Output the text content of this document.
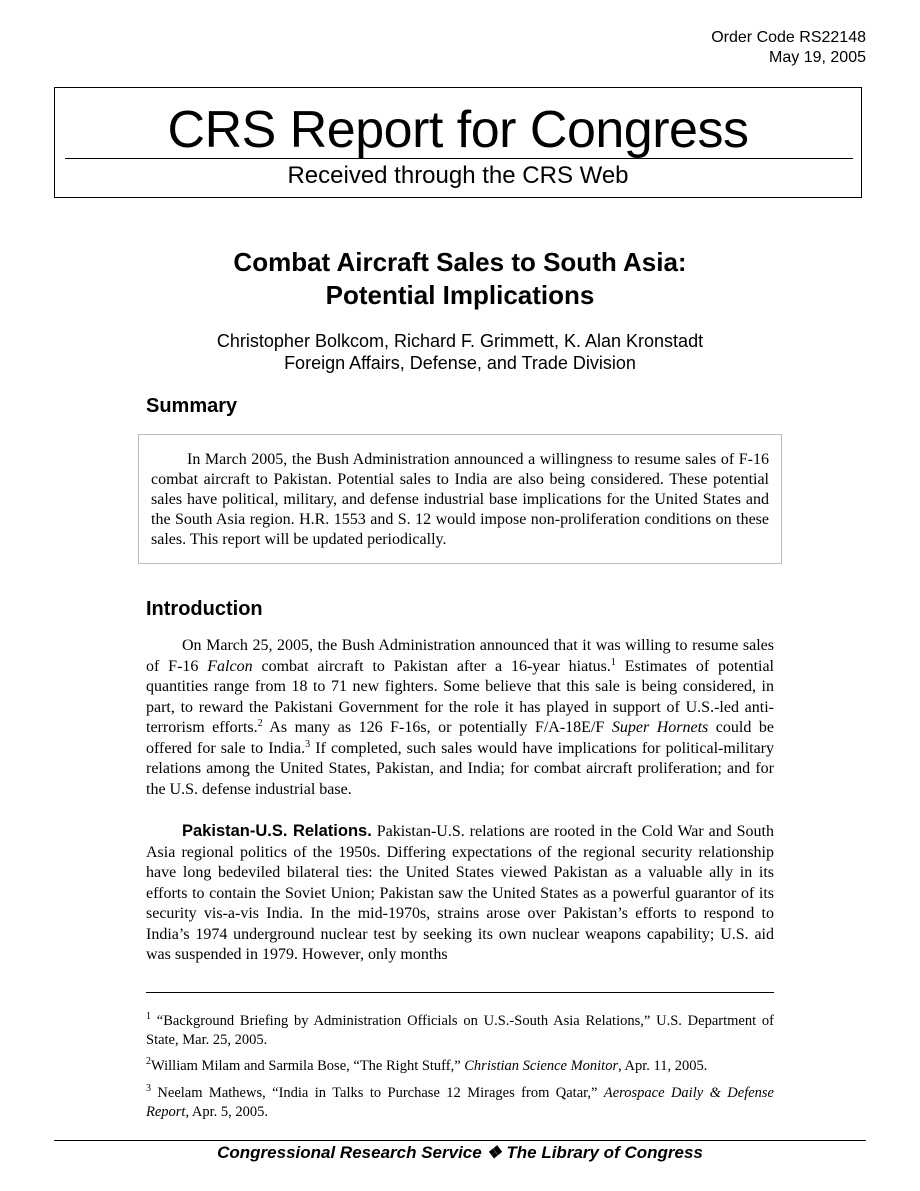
Order Code RS22148
May 19, 2005
CRS Report for Congress
Received through the CRS Web
Combat Aircraft Sales to South Asia:
Potential Implications
Christopher Bolkcom, Richard F. Grimmett, K. Alan Kronstadt
Foreign Affairs, Defense, and Trade Division
Summary
In March 2005, the Bush Administration announced a willingness to resume sales of F-16 combat aircraft to Pakistan. Potential sales to India are also being considered. These potential sales have political, military, and defense industrial base implications for the United States and the South Asia region. H.R. 1553 and S. 12 would impose non-proliferation conditions on these sales. This report will be updated periodically.
Introduction
On March 25, 2005, the Bush Administration announced that it was willing to resume sales of F-16 Falcon combat aircraft to Pakistan after a 16-year hiatus.$^1$ Estimates of potential quantities range from 18 to 71 new fighters. Some believe that this sale is being considered, in part, to reward the Pakistani Government for the role it has played in support of U.S.-led anti-terrorism efforts.$^2$ As many as 126 F-16s, or potentially F/A-18E/F Super Hornets could be offered for sale to India.$^3$ If completed, such sales would have implications for political-military relations among the United States, Pakistan, and India; for combat aircraft proliferation; and for the U.S. defense industrial base.
Pakistan-U.S. Relations. Pakistan-U.S. relations are rooted in the Cold War and South Asia regional politics of the 1950s. Differing expectations of the regional security relationship have long bedeviled bilateral ties: the United States viewed Pakistan as a valuable ally in its efforts to contain the Soviet Union; Pakistan saw the United States as a powerful guarantor of its security vis-a-vis India. In the mid-1970s, strains arose over Pakistan’s efforts to respond to India’s 1974 underground nuclear test by seeking its own nuclear weapons capability; U.S. aid was suspended in 1979. However, only months
$^1$ “Background Briefing by Administration Officials on U.S.-South Asia Relations,” U.S. Department of State, Mar. 25, 2005.
$^2$William Milam and Sarmila Bose, “The Right Stuff,” Christian Science Monitor, Apr. 11, 2005.
$^3$ Neelam Mathews, “India in Talks to Purchase 12 Mirages from Qatar,” Aerospace Daily & Defense Report, Apr. 5, 2005.
Congressional Research Service ❖ The Library of Congress
